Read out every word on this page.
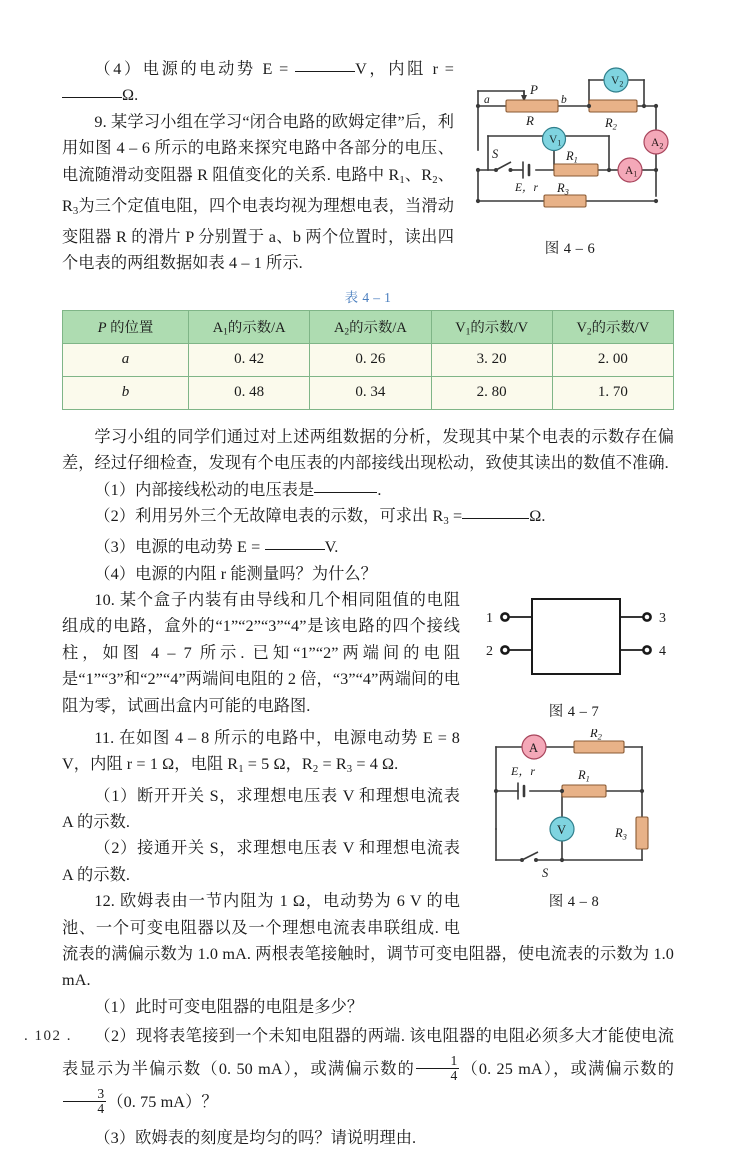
a	b
P
R	$R_2$
$R_1$
$R_3$
S
E，r
$V_2$
$V_1$	$A_2$
$A_1$
图 4 – 6

（4）电源的电动势 E =	V，内阻 r = Ω.

9. 某学习小组在学习“闭合电路的欧姆定律”后，利用如图 4 – 6 所示的电路来探究电路中各部分的电压、电流随滑动变阻器 R 阻值变化的关系. 电路中 $R_1$、$R_2$、$R_3$为三个定值电阻，四个电表均视为理想电表，当滑动变阻器 R 的滑片 P 分别置于 a、b 两个位置时，读出四个电表的两组数据如表 4 – 1 所示.

表 4 – 1
P 的位置	$A_1$的示数/A	$A_2$的示数/A	$V_1$的示数/V	$V_2$的示数/V
a	0. 42	0. 26	3. 20	2. 00
b	0. 48	0. 34	2. 80	1. 70

学习小组的同学们通过对上述两组数据的分析，发现其中某个电表的示数存在偏差，经过仔细检查，发现有个电压表的内部接线出现松动，致使其读出的数值不准确.

（1）内部接线松动的电压表是	.

（2）利用另外三个无故障电表的示数，可求出 $R_3$ =	Ω.

（3）电源的电动势 E =	V.

（4）电源的内阻 r 能测量吗？为什么？

1
2
3
4
图 4 – 7

10. 某个盒子内装有由导线和几个相同阻值的电阻组成的电路，盒外的“1”“2”“3”“4”是该电路的四个接线柱，如图 4 – 7 所示. 已知“1”“2”两端间的电阻是“1”“3”和“2”“4”两端间电阻的 2 倍，“3”“4”两端间的电阻为零，试画出盒内可能的电路图.

A
V
E，r
S
$R_2$
$R_1$
$R_3$
图 4 – 8

11. 在如图 4 – 8 所示的电路中，电源电动势 E = 8 V，内阻 r = 1 Ω，电阻 $R_1 = 5$ Ω，$R_2 = R_3 = 4$ Ω.

（1）断开开关 S，求理想电压表 V 和理想电流表 A 的示数.

（2）接通开关 S，求理想电压表 V 和理想电流表 A 的示数.

12. 欧姆表由一节内阻为 1 Ω，电动势为 6 V 的电池、一个可变电阻器以及一个理想电流表串联组成. 电流表的满偏示数为 1.0 mA. 两根表笔接触时，调节可变电阻器，使电流表的示数为 1.0 mA.

（1）此时可变电阻器的电阻是多少？

（2）现将表笔接到一个未知电阻器的两端. 该电阻器的电阻必须多大才能使电流表显示为半偏示数（0. 50 mA），或满偏示数的 $\frac{1}{4} (0$. 25 mA），或满偏示数的
$\frac{3}{4} (0$. 75 mA）？

（3）欧姆表的刻度是均匀的吗？请说明理由.

. 102 .
